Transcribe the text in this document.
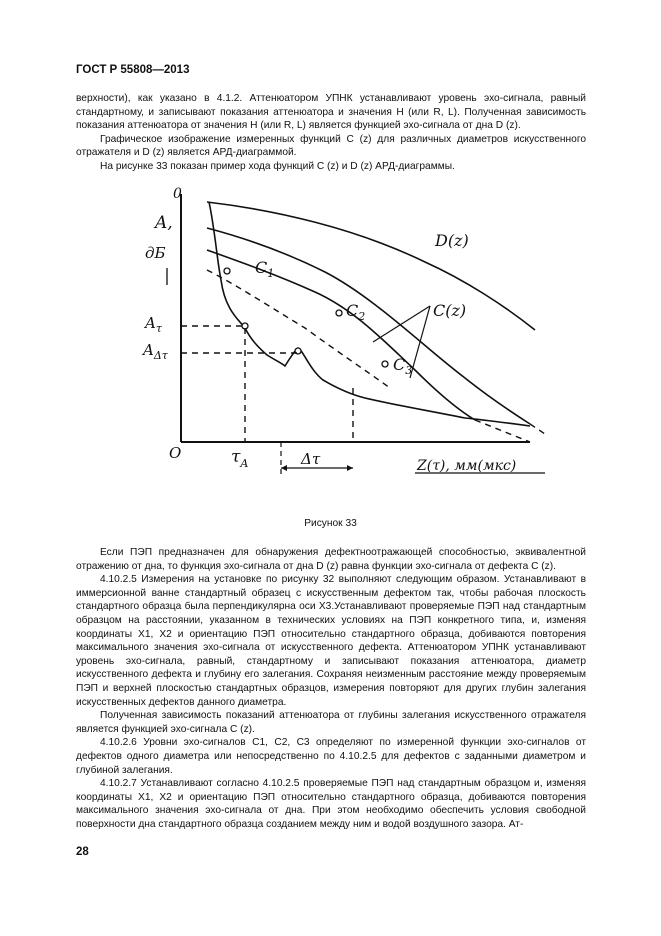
ГОСТ Р 55808—2013

верхности), как указано в 4.1.2. Аттенюатором УПНК устанавливают уровень эхо-сигнала, равный стандартному, и записывают показания аттенюатора и значения H (или R, L). Полученная зависимость показания аттенюатора от значения H (или R, L) является функцией эхо-сигнала от дна D (z).

Графическое изображение измеренных функций C (z) для различных диаметров искусственного отражателя и D (z) является АРД-диаграммой.

На рисунке 33 показан пример хода функций C (z) и D (z) АРД-диаграммы.

A,
дБ
0
O
$A_\tau$
$A_{\Delta\tau}$
$C_1$
$C_2$
$C_3$
C(z)
D(z)
$\tau_A$	Δτ	Z(τ), мм(мкс)
Рисунок 33

Если ПЭП предназначен для обнаружения дефектноотражающей способностью, эквивалентной отражению от дна, то функция эхо-сигнала от дна D (z) равна функции эхо-сигнала от дефекта C (z).

4.10.2.5 Измерения на установке по рисунку 32 выполняют следующим образом. Устанавливают в иммерсионной ванне стандартный образец с искусственным дефектом так, чтобы рабочая плоскость стандартного образца была перпендикулярна оси X3.Устанавливают проверяемые ПЭП над стандартным образцом на расстоянии, указанном в технических условиях на ПЭП конкретного типа, и, изменяя координаты X1, X2 и ориентацию ПЭП относительно стандартного образца, добиваются повторения максимального значения эхо-сигнала от искусственного дефекта. Аттенюатором УПНК устанавливают уровень эхо-сигнала, равный, стандартному и записывают показания аттенюатора, диаметр искусственного дефекта и глубину его залегания. Сохраняя неизменным расстояние между проверяемым ПЭП и верхней плоскостью стандартных образцов, измерения повторяют для других глубин залегания искусственных дефектов данного диаметра.

Полученная зависимость показаний аттенюатора от глубины залегания искусственного отражателя является функцией эхо-сигнала C (z).

4.10.2.6 Уровни эхо-сигналов C1, C2, C3 определяют по измеренной функции эхо-сигналов от дефектов одного диаметра или непосредственно по 4.10.2.5 для дефектов с заданными диаметром и глубиной залегания.

4.10.2.7 Устанавливают согласно 4.10.2.5 проверяемые ПЭП над стандартным образцом и, изменяя координаты X1, X2 и ориентацию ПЭП относительно стандартного образца, добиваются повторения максимального значения эхо-сигнала от дна. При этом необходимо обеспечить условия свободной поверхности дна стандартного образца созданием между ним и водой воздушного зазора. Ат-

28
